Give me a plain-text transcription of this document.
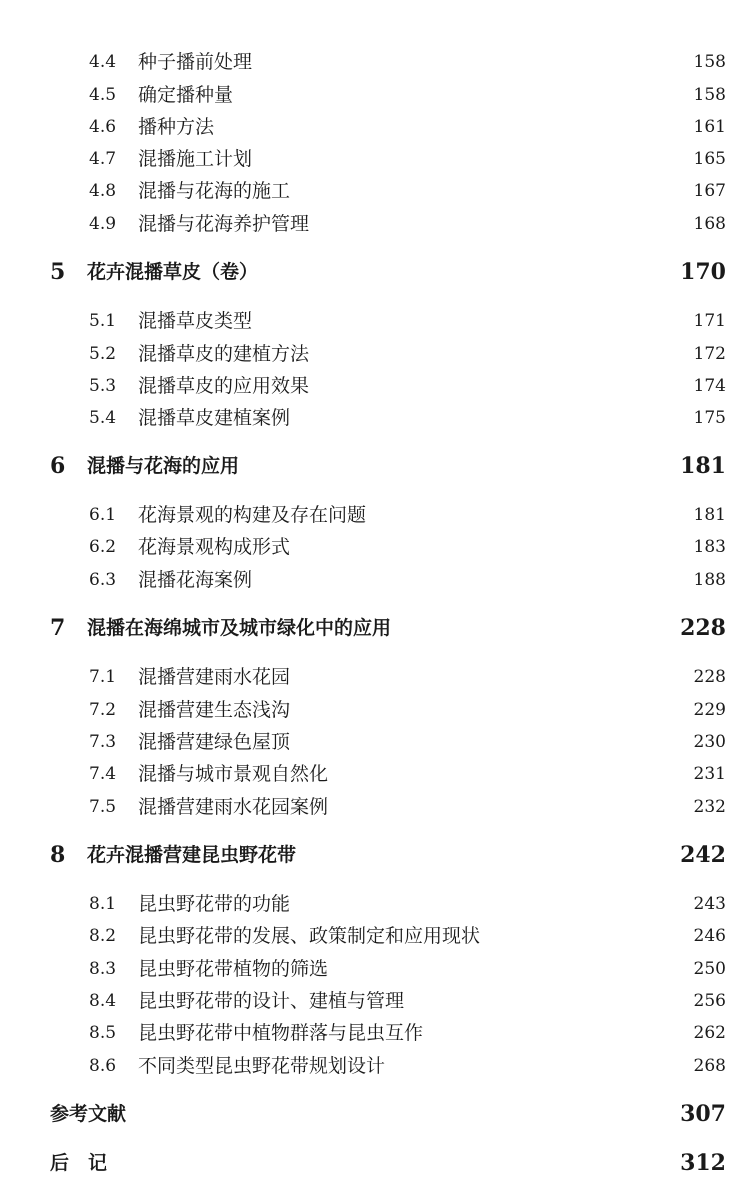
4.4 种子播前处理	158
4.5 确定播种量	158
4.6 播种方法	161
4.7 混播施工计划	165
4.8 混播与花海的施工	167
4.9 混播与花海养护管理	168
5 花卉混播草皮（卷）	170
5.1 混播草皮类型	171
5.2 混播草皮的建植方法	172
5.3 混播草皮的应用效果	174
5.4 混播草皮建植案例	175
6 混播与花海的应用	181
6.1 花海景观的构建及存在问题	181
6.2 花海景观构成形式	183
6.3 混播花海案例	188
7 混播在海绵城市及城市绿化中的应用	228
7.1 混播营建雨水花园	228
7.2 混播营建生态浅沟	229
7.3 混播营建绿色屋顶	230
7.4 混播与城市景观自然化	231
7.5 混播营建雨水花园案例	232
8 花卉混播营建昆虫野花带	242
8.1 昆虫野花带的功能	243
8.2 昆虫野花带的发展、政策制定和应用现状	246
8.3 昆虫野花带植物的筛选	250
8.4 昆虫野花带的设计、建植与管理	256
8.5 昆虫野花带中植物群落与昆虫互作	262
8.6 不同类型昆虫野花带规划设计	268
参考文献	307
后　记	312
